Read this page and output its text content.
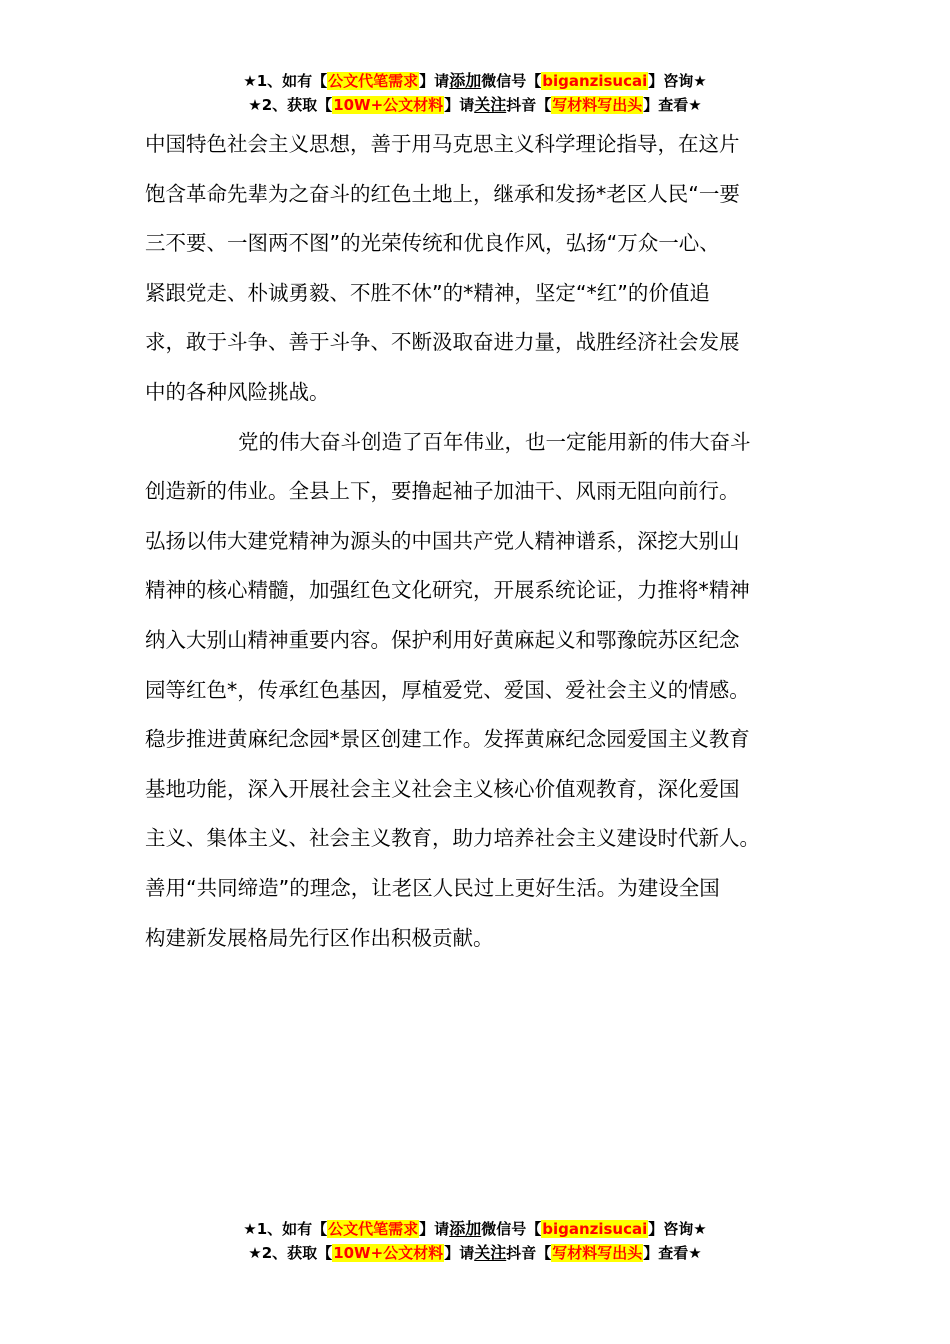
★1、如有【公文代笔需求】请添加微信号【biganzisucai】咨询★
★2、获取【10W+公文材料】请关注抖音【写材料写出头】查看★

中国特色社会主义思想，善于用马克思主义科学理论指导，在这片
饱含革命先辈为之奋斗的红色土地上，继承和发扬*老区人民“一要
三不要、一图两不图”的光荣传统和优良作风，弘扬“万众一心、
紧跟党走、朴诚勇毅、不胜不休”的*精神，坚定“*红”的价值追
求，敢于斗争、善于斗争、不断汲取奋进力量，战胜经济社会发展
中的各种风险挑战。

党的伟大奋斗创造了百年伟业，也一定能用新的伟大奋斗
创造新的伟业。全县上下，要撸起袖子加油干、风雨无阻向前行。
弘扬以伟大建党精神为源头的中国共产党人精神谱系，深挖大别山
精神的核心精髓，加强红色文化研究，开展系统论证，力推将*精神
纳入大别山精神重要内容。保护利用好黄麻起义和鄂豫皖苏区纪念
园等红色*，传承红色基因，厚植爱党、爱国、爱社会主义的情感。
稳步推进黄麻纪念园*景区创建工作。发挥黄麻纪念园爱国主义教育
基地功能，深入开展社会主义社会主义核心价值观教育，深化爱国
主义、集体主义、社会主义教育，助力培养社会主义建设时代新人。
善用“共同缔造”的理念，让老区人民过上更好生活。为建设全国
构建新发展格局先行区作出积极贡献。

★1、如有【公文代笔需求】请添加微信号【biganzisucai】咨询★
★2、获取【10W+公文材料】请关注抖音【写材料写出头】查看★
